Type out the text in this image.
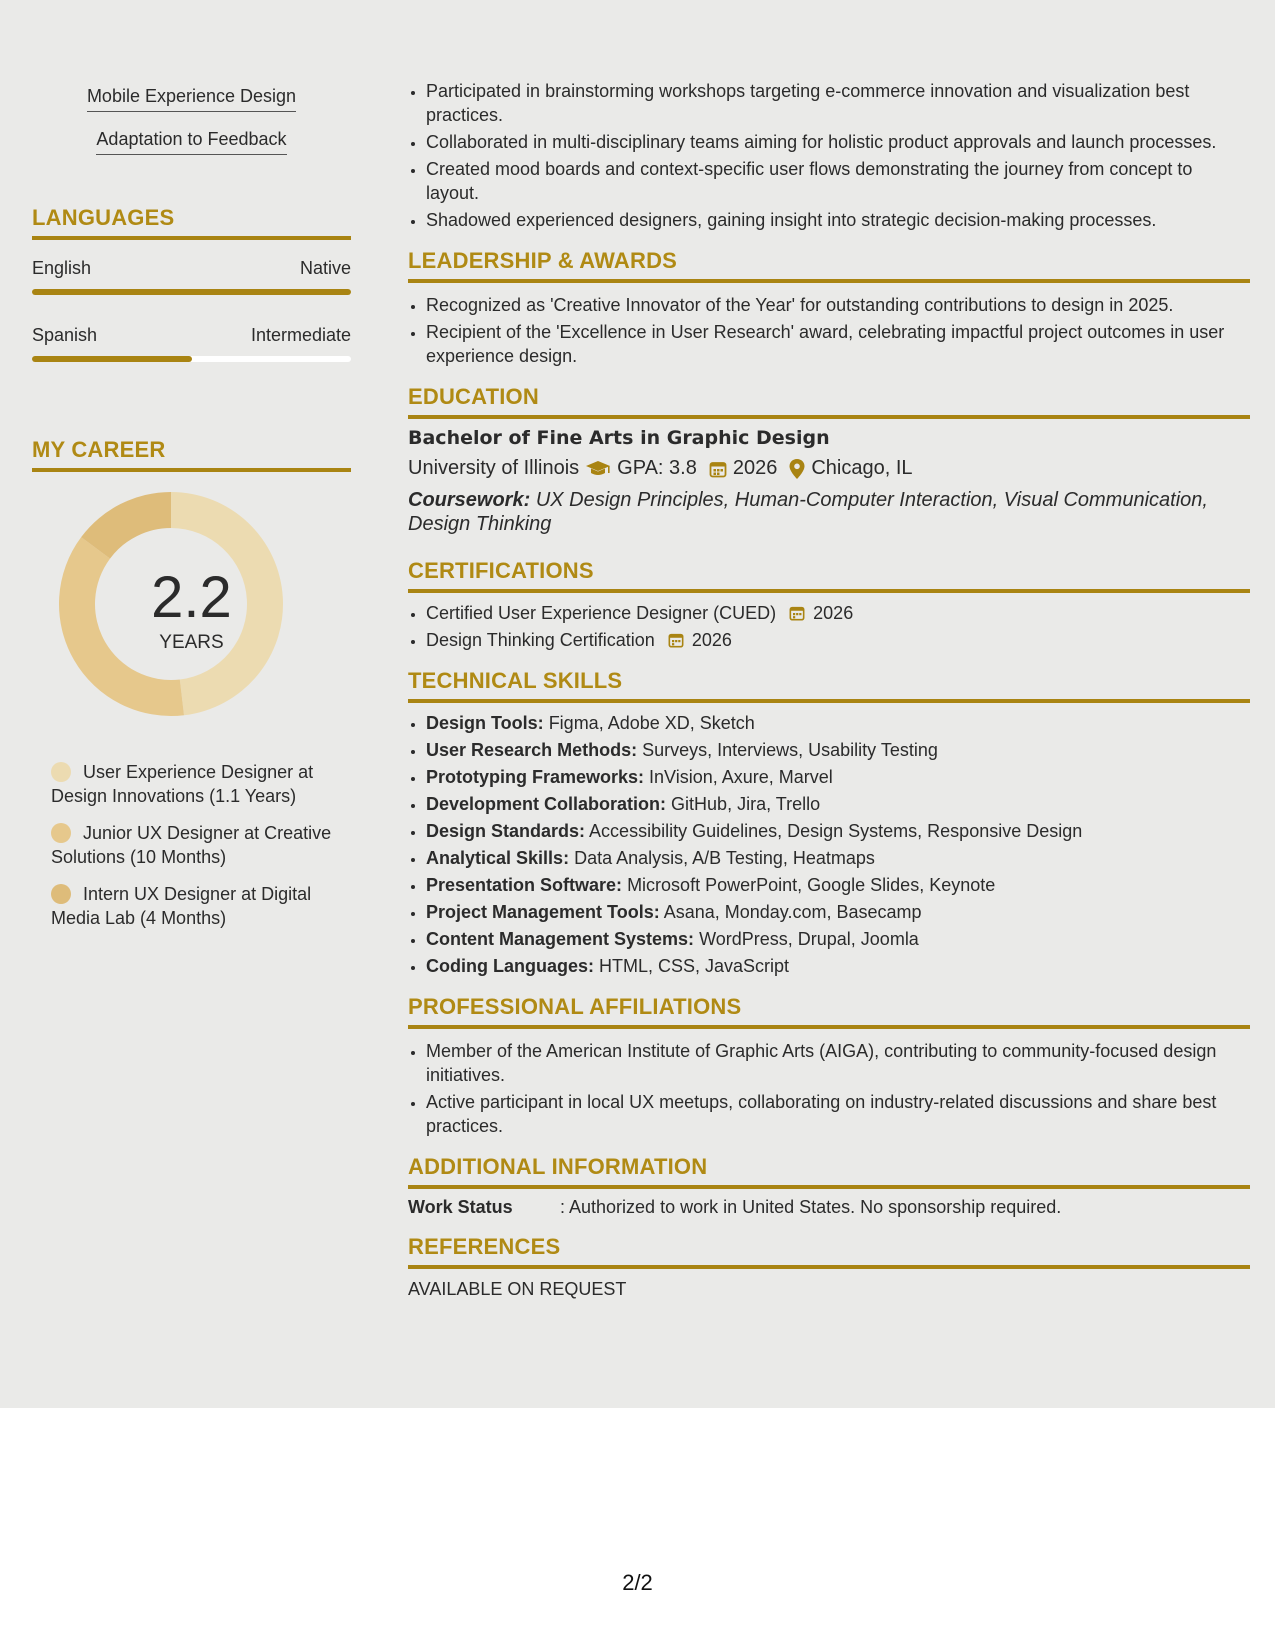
Mobile Experience Design
Adaptation to Feedback
LANGUAGES
English	Native
Spanish	Intermediate
MY CAREER
2.2
YEARS
User Experience Designer at Design Innovations (1.1 Years)
Junior UX Designer at Creative Solutions (10 Months)
Intern UX Designer at Digital Media Lab (4 Months)
• Participated in brainstorming workshops targeting e-commerce innovation and visualization best practices.
• Collaborated in multi-disciplinary teams aiming for holistic product approvals and launch processes.
• Created mood boards and context-specific user flows demonstrating the journey from concept to layout.
• Shadowed experienced designers, gaining insight into strategic decision-making processes.
LEADERSHIP & AWARDS
• Recognized as 'Creative Innovator of the Year' for outstanding contributions to design in 2025.
• Recipient of the 'Excellence in User Research' award, celebrating impactful project outcomes in user experience design.
EDUCATION
Bachelor of Fine Arts in Graphic Design
University of Illinois GPA: 3.8 2026 Chicago, IL
Coursework: UX Design Principles, Human-Computer Interaction, Visual Communication, Design Thinking
CERTIFICATIONS
• Certified User Experience Designer (CUED) 2026
• Design Thinking Certification 2026
TECHNICAL SKILLS
• Design Tools: Figma, Adobe XD, Sketch
• User Research Methods: Surveys, Interviews, Usability Testing
• Prototyping Frameworks: InVision, Axure, Marvel
• Development Collaboration: GitHub, Jira, Trello
• Design Standards: Accessibility Guidelines, Design Systems, Responsive Design
• Analytical Skills: Data Analysis, A/B Testing, Heatmaps
• Presentation Software: Microsoft PowerPoint, Google Slides, Keynote
• Project Management Tools: Asana, Monday.com, Basecamp
• Content Management Systems: WordPress, Drupal, Joomla
• Coding Languages: HTML, CSS, JavaScript
PROFESSIONAL AFFILIATIONS
• Member of the American Institute of Graphic Arts (AIGA), contributing to community-focused design initiatives.
• Active participant in local UX meetups, collaborating on industry-related discussions and share best practices.
ADDITIONAL INFORMATION
Work Status	: Authorized to work in United States. No sponsorship required.
REFERENCES
AVAILABLE ON REQUEST
2/2
